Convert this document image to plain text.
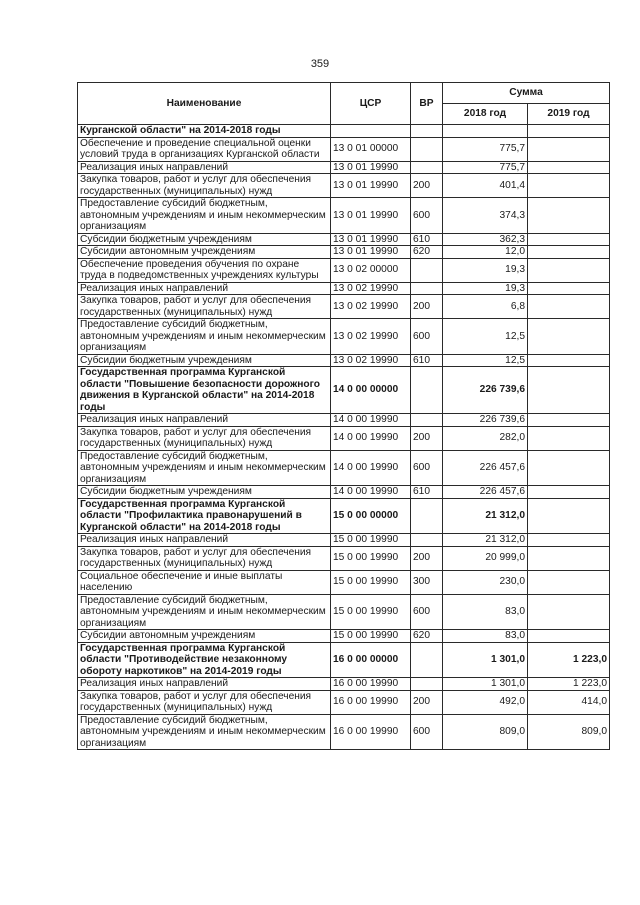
359
Наименование	ЦСР	ВР	Сумма	
			2018 год	2019 год
Курганской области" на 2014-2018 годы				
Обеспечение и проведение специальной оценки условий труда в организациях Курганской области	13 0 01 00000		775,7	
Реализация иных направлений	13 0 01 19990		775,7	
Закупка товаров, работ и услуг для обеспечения государственных (муниципальных) нужд	13 0 01 19990	200	401,4	
Предоставление субсидий бюджетным, автономным учреждениям и иным некоммерческим организациям	13 0 01 19990	600	374,3	
Субсидии бюджетным учреждениям	13 0 01 19990	610	362,3	
Субсидии автономным учреждениям	13 0 01 19990	620	12,0	
Обеспечение проведения обучения по охране труда в подведомственных учреждениях культуры	13 0 02 00000		19,3	
Реализация иных направлений	13 0 02 19990		19,3	
Закупка товаров, работ и услуг для обеспечения государственных (муниципальных) нужд	13 0 02 19990	200	6,8	
Предоставление субсидий бюджетным, автономным учреждениям и иным некоммерческим организациям	13 0 02 19990	600	12,5	
Субсидии бюджетным учреждениям	13 0 02 19990	610	12,5	
Государственная программа Курганской области "Повышение безопасности дорожного движения в Курганской области" на 2014-2018 годы	14 0 00 00000		226 739,6	
Реализация иных направлений	14 0 00 19990		226 739,6	
Закупка товаров, работ и услуг для обеспечения государственных (муниципальных) нужд	14 0 00 19990	200	282,0	
Предоставление субсидий бюджетным, автономным учреждениям и иным некоммерческим организациям	14 0 00 19990	600	226 457,6	
Субсидии бюджетным учреждениям	14 0 00 19990	610	226 457,6	
Государственная программа Курганской области "Профилактика правонарушений в Курганской области" на 2014-2018 годы	15 0 00 00000		21 312,0	
Реализация иных направлений	15 0 00 19990		21 312,0	
Закупка товаров, работ и услуг для обеспечения государственных (муниципальных) нужд	15 0 00 19990	200	20 999,0	
Социальное обеспечение и иные выплаты населению	15 0 00 19990	300	230,0	
Предоставление субсидий бюджетным, автономным учреждениям и иным некоммерческим организациям	15 0 00 19990	600	83,0	
Субсидии автономным учреждениям	15 0 00 19990	620	83,0	
Государственная программа Курганской области "Противодействие незаконному обороту наркотиков" на 2014-2019 годы	16 0 00 00000		1 301,0	1 223,0
Реализация иных направлений	16 0 00 19990		1 301,0	1 223,0
Закупка товаров, работ и услуг для обеспечения государственных (муниципальных) нужд	16 0 00 19990	200	492,0	414,0
Предоставление субсидий бюджетным, автономным учреждениям и иным некоммерческим организациям	16 0 00 19990	600	809,0	809,0
